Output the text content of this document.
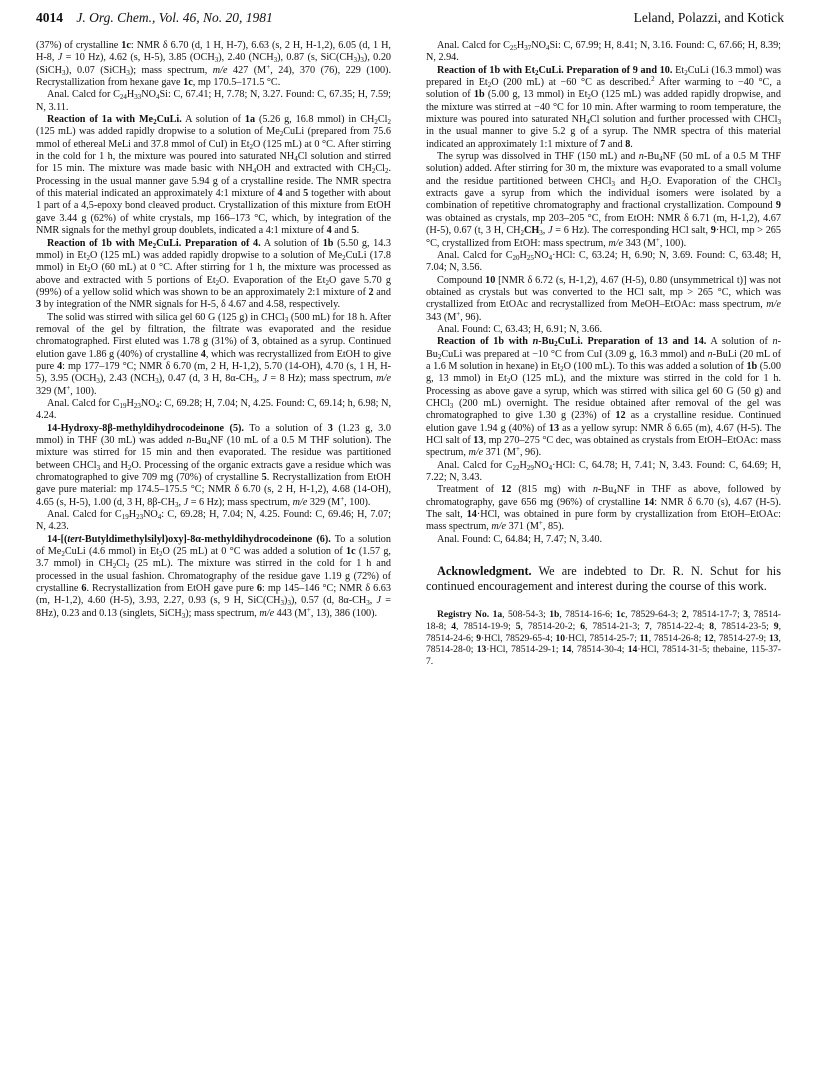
4014 J. Org. Chem., Vol. 46, No. 20, 1981	Leland, Polazzi, and Kotick

(37%) of crystalline 1c: NMR δ 6.70 (d, 1 H, H-7), 6.63 (s, 2 H, H-1,2), 6.05 (d, 1 H, H-8, J = 10 Hz), 4.62 (s, H-5), 3.85 $(OCH_3)$, 2.40 $(NCH_3)$, 0.87 (s, $SiC(CH_3)_3$), 0.20 (SiCH$_3$), 0.07 (SiCH$_3$); mass spectrum, m/e 427 (M+, 24), 370 (76), 229 (100). Recrystallization from hexane gave 1c, mp 170.5–171.5 °C.

Anal. Calcd for $C_{24}H_{33}NO_4Si$: C, 67.41; H, 7.78; N, 3.27. Found: C, 67.35; H, 7.59; N, 3.11.

Reaction of 1a with $Me_2CuLi$. A solution of 1a (5.26 g, 16.8 mmol) in $CH_2Cl_2$ (125 mL) was added rapidly dropwise to a solution of $Me_2CuLi$ (prepared from 75.6 mmol of ethereal MeLi and 37.8 mmol of CuI) in $Et_2O$ (125 mL) at 0 °C. After stirring in the cold for 1 h, the mixture was poured into saturated $NH_4Cl$ solution and stirred for 15 min. The mixture was made basic with $NH_4OH$ and extracted with $CH_2Cl_2$. Processing in the usual manner gave 5.94 g of a crystalline reside. The NMR spectra of this material indicated an approximately 4:1 mixture of 4 and 5 together with about 1 part of a 4,5-epoxy bond cleaved product. Crystallization of this mixture from EtOH gave 3.44 g (62%) of white crystals, mp 166–173 °C, which, by integration of the NMR signals for the methyl group doublets, indicated a 4:1 mixture of 4 and 5.

Reaction of 1b with $Me_2CuLi$. Preparation of 4. A solution of 1b (5.50 g, 14.3 mmol) in $Et_2O$ (125 mL) was added rapidly dropwise to a solution of $Me_2CuLi$ (17.8 mmol) in $Et_2O$ (60 mL) at 0 °C. After stirring for 1 h, the mixture was processed as above and extracted with 5 portions of $Et_2O$. Evaporation of the $Et_2O$ gave 5.70 g (99%) of a yellow solid which was shown to be an approximately 2:1 mixture of 2 and 3 by integration of the NMR signals for H-5, δ 4.67 and 4.58, respectively.

The solid was stirred with silica gel 60 G (125 g) in CHCl$_3$ (500 mL) for 18 h. After removal of the gel by filtration, the filtrate was evaporated and the residue chromatographed. First eluted was 1.78 g (31%) of 3, obtained as a syrup. Continued elution gave 1.86 g (40%) of crystalline 4, which was recrystallized from EtOH to give pure 4: mp 177–179 °C; NMR δ 6.70 (m, 2 H, H-1,2), 5.70 (14-OH), 4.70 (s, 1 H, H-5), 3.95 $(OCH_3)$, 2.43 $(NCH_3)$, 0.47 (d, 3 H, $8\alpha-CH_3$, J = 8 Hz); mass spectrum, m/e 329 (M+, 100).

Anal. Calcd for $C_{19}H_{23}NO_4$: C, 69.28; H, 7.04; N, 4.25. Found: C, 69.14; h, 6.98; N, 4.24.

14-Hydroxy-8β-methyldihydrocodeinone (5). To a solution of 3 (1.23 g, 3.0 mmol) in THF (30 mL) was added $n-Bu_4NF$ (10 mL of a 0.5 M THF solution). The mixture was stirred for 15 min and then evaporated. The residue was partitioned between CHCl$_3$ and $H_2O$. Processing of the organic extracts gave a residue which was chromatographed to give 709 mg (70%) of crystalline 5. Recrystallization from EtOH gave pure material: mp 174.5–175.5 °C; NMR δ 6.70 (s, 2 H, H-1,2), 4.68 (14-OH), 4.65 (s, H-5), 1.00 (d, 3 H, $8\beta-CH_3$, J = 6 Hz); mass spectrum, m/e 329 (M+, 100).

Anal. Calcd for $C_{19}H_{23}NO_4$: C, 69.28; H, 7.04; N, 4.25. Found: C, 69.46; H, 7.07; N, 4.23.

14-[(tert-Butyldimethylsilyl)oxy]-8α-methyldihydrocodeinone (6). To a solution of $Me_2CuLi$ (4.6 mmol) in $Et_2O$ (25 mL) at 0 °C was added a solution of 1c (1.57 g, 3.7 mmol) in $CH_2Cl_2$ (25 mL). The mixture was stirred in the cold for 1 h and processed in the usual fashion. Chromatography of the residue gave 1.19 g (72%) of crystalline 6. Recrystallization from EtOH gave pure 6: mp 145–146 °C; NMR δ 6.63 (m, H-1,2), 4.60 (H-5), 3.93, 2.27, 0.93 (s, 9 H, $SiC(CH_3)_3$), 0.57 (d, $8\alpha-CH_3$, J = 8Hz), 0.23 and 0.13 (singlets, SiCH$_3$); mass spectrum, m/e 443 (M+, 13), 386 (100).

Anal. Calcd for $C_{25}H_{37}NO_4Si$: C, 67.99; H, 8.41; N, 3.16. Found: C, 67.66; H, 8.39; N, 2.94.

Reaction of 1b with $Et_2CuLi$. Preparation of 9 and 10. $Et_2CuLi$ (16.3 mmol) was prepared in $Et_2O$ (200 mL) at −60 °C as described.$^2$ After warming to −40 °C, a solution of 1b (5.00 g, 13 mmol) in $Et_2O$ (125 mL) was added rapidly dropwise, and the mixture was stirred at −40 °C for 10 min. After warming to room temperature, the mixture was poured into saturated $NH_4Cl$ solution and further processed with CHCl$_3$ in the usual manner to give 5.2 g of a syrup. The NMR spectra of this material indicated an approximately 1:1 mixture of 7 and 8.

The syrup was dissolved in THF (150 mL) and $n-Bu_4NF$ (50 mL of a 0.5 M THF solution) added. After stirring for 30 m, the mixture was evaporated to a small volume and the residue partitioned between CHCl$_3$ and $H_2O$. Evaporation of the CHCl$_3$ extracts gave a syrup from which the individual isomers were isolated by a combination of repetitive chromatography and fractional crystallization. Compound 9 was obtained as crystals, mp 203–205 °C, from EtOH: NMR δ 6.71 (m, H-1,2), 4.67 (H-5), 0.67 (t, 3 H, $CH_2CH_3$, J = 6 Hz). The corresponding HCl salt, 9·HCl, mp > 265 °C, crystallized from EtOH: mass spectrum, m/e 343 (M+, 100).

Anal. Calcd for $C_{20}H_{25}NO_4\cdot HCl$: C, 63.24; H, 6.90; N, 3.69. Found: C, 63.48; H, 7.04; N, 3.56.

Compound 10 [NMR δ 6.72 (s, H-1,2), 4.67 (H-5), 0.80 (unsymmetrical t)] was not obtained as crystals but was converted to the HCl salt, mp > 265 °C, which was crystallized from EtOAc and recrystallized from MeOH–EtOAc: mass spectrum, m/e 343 (M+, 96).

Anal. Found: C, 63.43; H, 6.91; N, 3.66.

Reaction of 1b with $n-Bu_2CuLi$. Preparation of 13 and 14. A solution of $n-Bu_2CuLi$ was prepared at −10 °C from CuI (3.09 g, 16.3 mmol) and n-BuLi (20 mL of a 1.6 M solution in hexane) in $Et_2O$ (100 mL). To this was added a solution of 1b (5.00 g, 13 mmol) in $Et_2O$ (125 mL), and the mixture was stirred in the cold for 1 h. Processing as above gave a syrup, which was stirred with silica gel 60 G (50 g) and CHCl$_3$ (200 mL) overnight. The residue obtained after removal of the gel was chromatographed to give 1.30 g (23%) of 12 as a crystalline residue. Continued elution gave 1.94 g (40%) of 13 as a yellow syrup: NMR δ 6.65 (m), 4.67 (H-5). The HCl salt of 13, mp 270–275 °C dec, was obtained as crystals from EtOH–EtOAc: mass spectrum, m/e 371 (M+, 96).

Anal. Calcd for $C_{22}H_{29}NO_4\cdot HCl$: C, 64.78; H, 7.41; N, 3.43. Found: C, 64.69; H, 7.22; N, 3.43.

Treatment of 12 (815 mg) with $n-Bu_4NF$ in THF as above, followed by chromatography, gave 656 mg (96%) of crystalline 14: NMR δ 6.70 (s), 4.67 (H-5). The salt, 14·HCl, was obtained in pure form by crystallization from EtOH–EtOAc: mass spectrum, m/e 371 (M+, 85).

Anal. Found: C, 64.84; H, 7.47; N, 3.40.

Acknowledgment. We are indebted to Dr. R. N. Schut for his continued encouragement and interest during the course of this work.

Registry No. 1a, 508-54-3; 1b, 78514-16-6; 1c, 78529-64-3; 2, 78514-17-7; 3, 78514-18-8; 4, 78514-19-9; 5, 78514-20-2; 6, 78514-21-3; 7, 78514-22-4; 8, 78514-23-5; 9, 78514-24-6; 9·HCl, 78529-65-4; 10·HCl, 78514-25-7; 11, 78514-26-8; 12, 78514-27-9; 13, 78514-28-0; 13·HCl, 78514-29-1; 14, 78514-30-4; 14·HCl, 78514-31-5; thebaine, 115-37-7.
